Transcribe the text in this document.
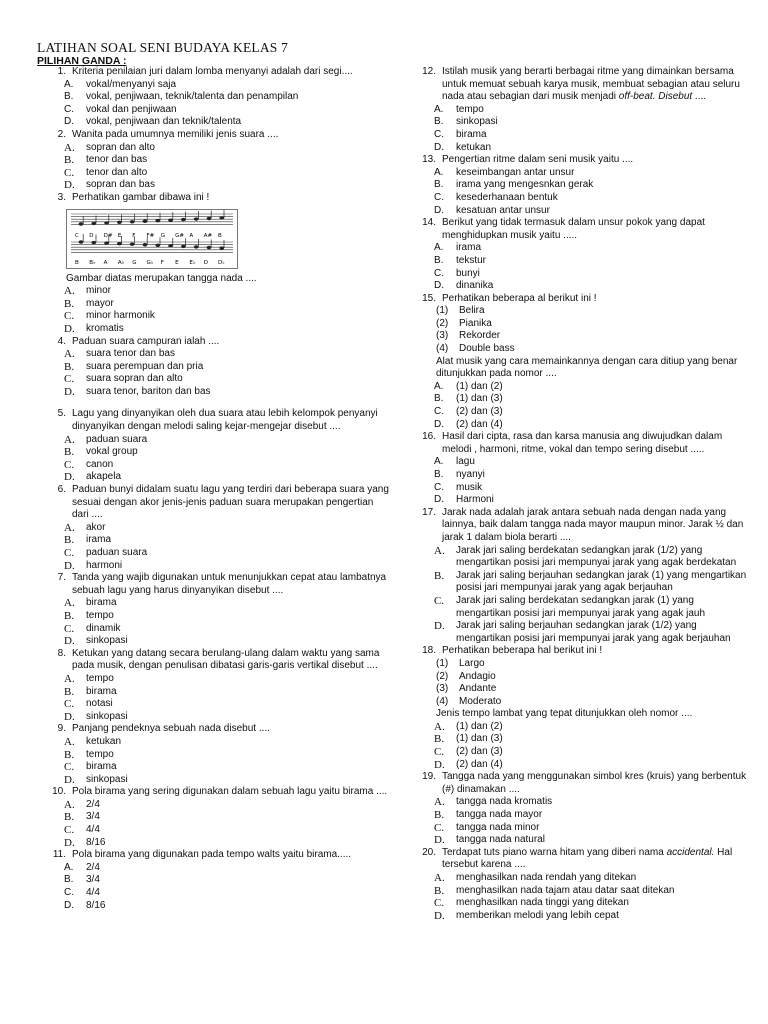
LATIHAN SOAL SENI BUDAYA KELAS 7
PILIHAN GANDA :
1. Kriteria penilaian juri dalam lomba menyanyi adalah dari segi....
A.	vokal/menyanyi saja
B.	vokal, penjiwaan, teknik/talenta dan penampilan
C.	vokal dan penjiwaan
D.	vokal, penjiwaan dan teknik/talenta
2. Wanita pada umumnya memiliki jenis suara ....
A.	sopran dan alto
B.	tenor dan bas
C.	tenor dan alto
D.	sopran dan bas
3. Perhatikan gambar dibawa ini !
C D D# E F F# G G# A A# B
B B♭ A A♭ G G♭ F E E♭ D D♭
Gambar diatas merupakan tangga nada ....
A.	minor
B.	mayor
C.	minor harmonik
D.	kromatis
4. Paduan suara campuran ialah ....
A.	suara tenor dan bas
B.	suara perempuan dan pria
C.	suara sopran dan alto
D.	suara tenor, bariton dan bas
5. Lagu yang dinyanyikan oleh dua suara atau lebih kelompok penyanyi dinyanyikan dengan melodi saling kejar-mengejar disebut ....
A.	paduan suara
B.	vokal group
C.	canon
D.	akapela
6. Paduan bunyi didalam suatu lagu yang terdiri dari beberapa suara yang sesuai dengan akor jenis-jenis paduan suara merupakan pengertian dari ....
A.	akor
B.	irama
C.	paduan suara
D.	harmoni
7. Tanda yang wajib digunakan untuk menunjukkan cepat atau lambatnya sebuah lagu yang harus dinyanyikan disebut ....
A.	birama
B.	tempo
C.	dinamik
D.	sinkopasi
8. Ketukan yang datang secara berulang-ulang dalam waktu yang sama pada musik, dengan penulisan dibatasi garis-garis vertikal disebut ....
A.	tempo
B.	birama
C.	notasi
D.	sinkopasi
9. Panjang pendeknya sebuah nada disebut ....
A.	ketukan
B.	tempo
C.	birama
D.	sinkopasi
10. Pola birama yang sering digunakan dalam sebuah lagu yaitu birama ....
A.	2/4
B.	3/4
C.	4/4
D.	8/16
11. Pola birama yang digunakan pada tempo walts yaitu birama.....
A.	2/4
B.	3/4
C.	4/4
D.	8/16
12. Istilah musik yang berarti berbagai ritme yang dimainkan bersama untuk memuat sebuah karya musik, membuat sebagian atau seluru nada atau sebagian dari musik menjadi off-beat. Disebut ....
A.	tempo
B.	sinkopasi
C.	birama
D.	ketukan
13. Pengertian ritme dalam seni musik yaitu ....
A.	keseimbangan antar unsur
B.	irama yang mengesnkan gerak
C.	kesederhanaan bentuk
D.	kesatuan antar unsur
14. Berikut yang tidak termasuk dalam unsur pokok yang dapat menghidupkan musik yaitu .....
A.	irama
B.	tekstur
C.	bunyi
D.	dinanika
15. Perhatikan beberapa al berikut ini !
(1)	Belira
(2)	Pianika
(3)	Rekorder
(4)	Double bass
Alat musik yang cara memainkannya dengan cara ditiup yang benar ditunjukkan pada nomor ....
A.	(1) dan (2)
B.	(1) dan (3)
C.	(2) dan (3)
D.	(2) dan (4)
16. Hasil dari cipta, rasa dan karsa manusia ang diwujudkan dalam melodi , harmoni, ritme, vokal dan tempo sering disebut .....
A.	lagu
B.	nyanyi
C.	musik
D.	Harmoni
17. Jarak nada adalah jarak antara sebuah nada dengan nada yang lainnya, baik dalam tangga nada mayor maupun minor. Jarak ½ dan jarak 1 dalam biola berarti ....
A.	Jarak jari saling berdekatan sedangkan jarak (1/2) yang mengartikan posisi jari mempunyai jarak yang agak berdekatan
B.	Jarak jari saling berjauhan sedangkan jarak (1) yang mengartikan posisi jari mempunyai jarak yang agak berjauhan
C.	Jarak jari saling berdekatan sedangkan jarak (1) yang mengartikan posisi jari mempunyai jarak yang agak jauh
D.	Jarak jari saling berjauhan sedangkan jarak (1/2) yang mengartikan posisi jari mempunyai jarak yang agak berjauhan
18. Perhatikan beberapa hal berikut ini !
(1)	Largo
(2)	Andagio
(3)	Andante
(4)	Moderato
Jenis tempo lambat yang tepat ditunjukkan oleh nomor ....
A.	(1) dan (2)
B.	(1) dan (3)
C.	(2) dan (3)
D.	(2) dan (4)
19. Tangga nada yang menggunakan simbol kres (kruis) yang berbentuk (#) dinamakan ....
A.	tangga nada kromatis
B.	tangga nada mayor
C.	tangga nada minor
D.	tangga nada natural
20. Terdapat tuts piano warna hitam yang diberi nama accidental. Hal tersebut karena ....
A.	menghasilkan nada rendah yang ditekan
B.	menghasilkan nada tajam atau datar saat ditekan
C.	menghasilkan nada tinggi yang ditekan
D.	memberikan melodi yang lebih cepat
